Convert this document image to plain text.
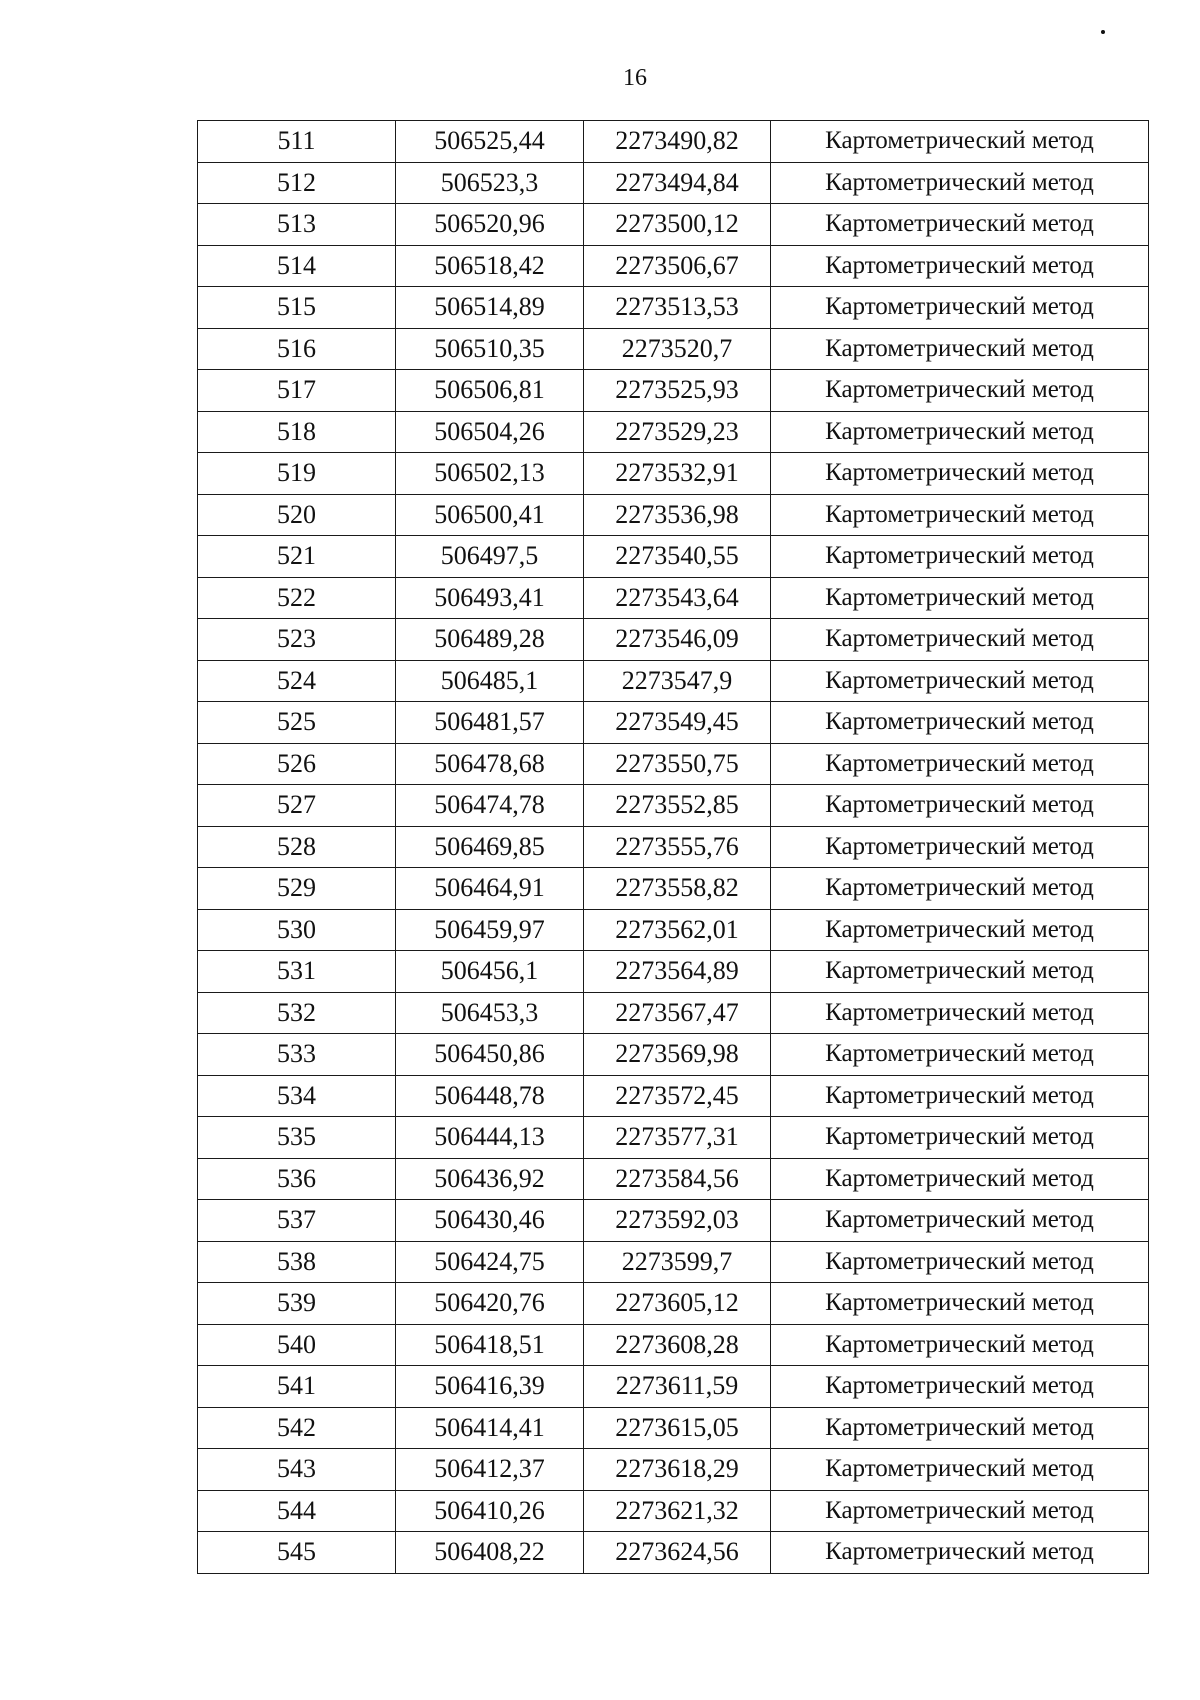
16
511	506525,44	2273490,82	Картометрический метод
512	506523,3	2273494,84	Картометрический метод
513	506520,96	2273500,12	Картометрический метод
514	506518,42	2273506,67	Картометрический метод
515	506514,89	2273513,53	Картометрический метод
516	506510,35	2273520,7	Картометрический метод
517	506506,81	2273525,93	Картометрический метод
518	506504,26	2273529,23	Картометрический метод
519	506502,13	2273532,91	Картометрический метод
520	506500,41	2273536,98	Картометрический метод
521	506497,5	2273540,55	Картометрический метод
522	506493,41	2273543,64	Картометрический метод
523	506489,28	2273546,09	Картометрический метод
524	506485,1	2273547,9	Картометрический метод
525	506481,57	2273549,45	Картометрический метод
526	506478,68	2273550,75	Картометрический метод
527	506474,78	2273552,85	Картометрический метод
528	506469,85	2273555,76	Картометрический метод
529	506464,91	2273558,82	Картометрический метод
530	506459,97	2273562,01	Картометрический метод
531	506456,1	2273564,89	Картометрический метод
532	506453,3	2273567,47	Картометрический метод
533	506450,86	2273569,98	Картометрический метод
534	506448,78	2273572,45	Картометрический метод
535	506444,13	2273577,31	Картометрический метод
536	506436,92	2273584,56	Картометрический метод
537	506430,46	2273592,03	Картометрический метод
538	506424,75	2273599,7	Картометрический метод
539	506420,76	2273605,12	Картометрический метод
540	506418,51	2273608,28	Картометрический метод
541	506416,39	2273611,59	Картометрический метод
542	506414,41	2273615,05	Картометрический метод
543	506412,37	2273618,29	Картометрический метод
544	506410,26	2273621,32	Картометрический метод
545	506408,22	2273624,56	Картометрический метод
